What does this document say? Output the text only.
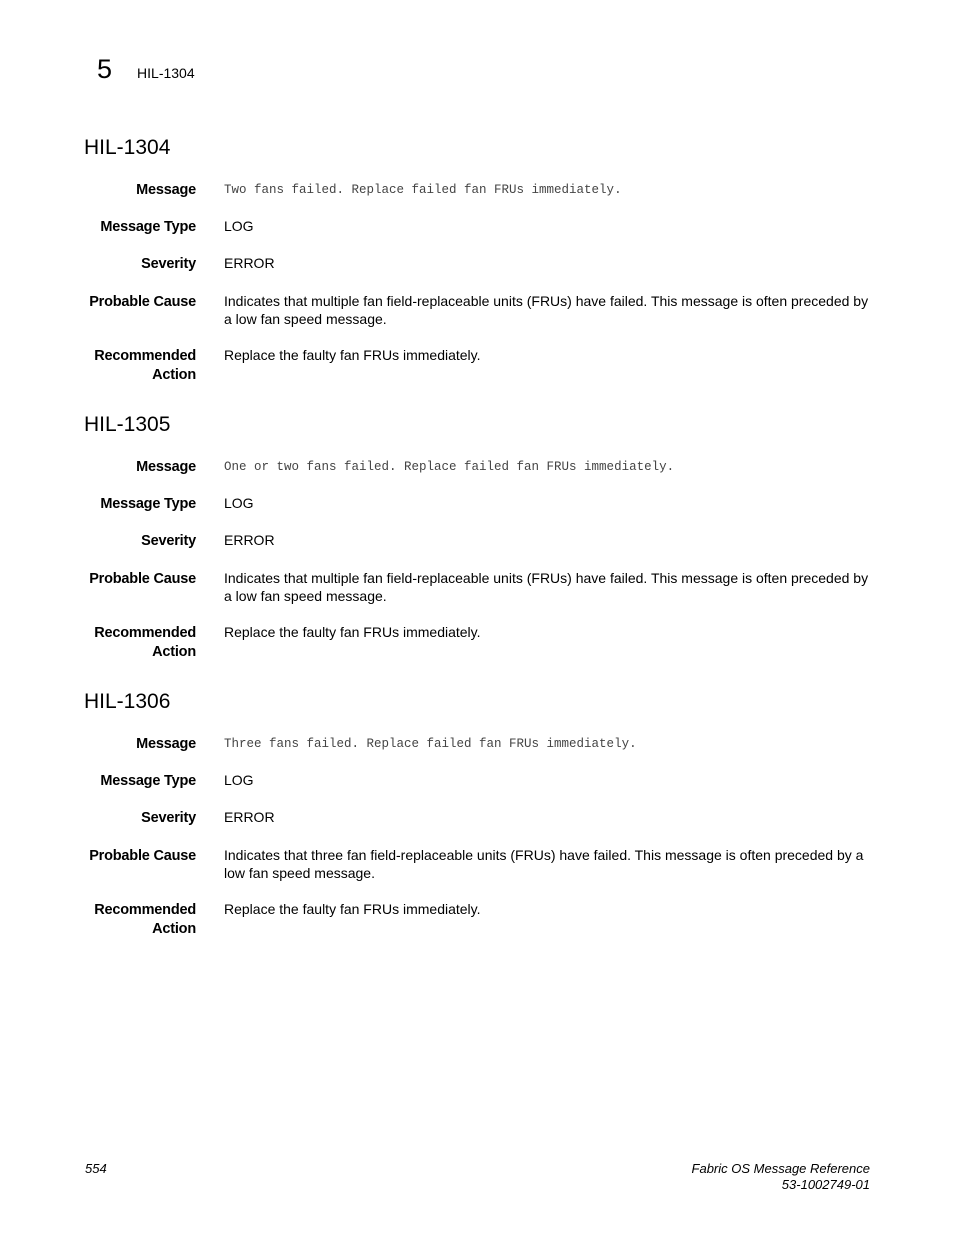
5 HIL-1304
HIL-1304
Message Two fans failed. Replace failed fan FRUs immediately.
Message Type LOG
Severity ERROR
Probable Cause Indicates that multiple fan field-replaceable units (FRUs) have failed. This message is often preceded by
a low fan speed message.
Recommended
Action
Replace the faulty fan FRUs immediately.
HIL-1305
Message One or two fans failed. Replace failed fan FRUs immediately.
Message Type LOG
Severity ERROR
Probable Cause Indicates that multiple fan field-replaceable units (FRUs) have failed. This message is often preceded by
a low fan speed message.
Recommended
Action
Replace the faulty fan FRUs immediately.
HIL-1306
Message Three fans failed. Replace failed fan FRUs immediately.
Message Type LOG
Severity ERROR
Probable Cause Indicates that three fan field-replaceable units (FRUs) have failed. This message is often preceded by a
low fan speed message.
Recommended
Action
Replace the faulty fan FRUs immediately.
554	Fabric OS Message Reference
53-1002749-01
